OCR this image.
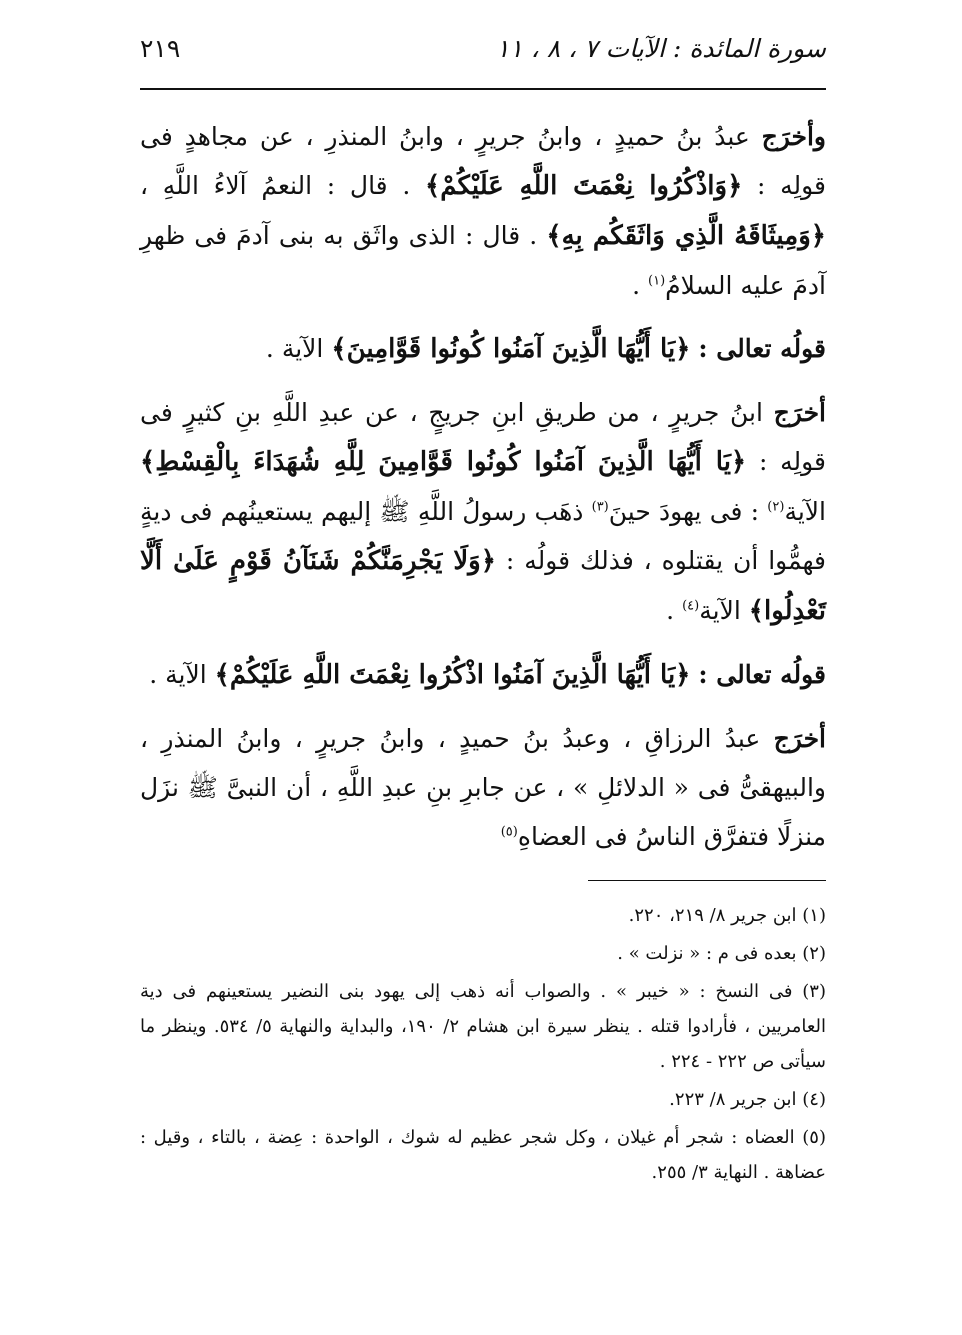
سورة المائدة : الآيات ٧ ، ٨ ، ١١
٢١٩

وأخرَج عبدُ بنُ حميدٍ ، وابنُ جريرٍ ، وابنُ المنذرِ ، عن مجاهدٍ فى قولِه : ﴿وَاذْكُرُوا نِعْمَتَ اللَّهِ عَلَيْكُمْ﴾ . قال : النعمُ آلاءُ اللَّهِ ، ﴿وَمِيثَاقَهُ الَّذِي وَاثَقَكُم بِهِ﴾ . قال : الذى واثَق به بنى آدمَ فى ظهرِ آدمَ عليه السلامُ$^{(١)}$ .

قولُه تعالى : ﴿يَا أَيُّهَا الَّذِينَ آمَنُوا كُونُوا قَوَّامِينَ﴾ الآية .

أخرَج ابنُ جريرٍ ، من طريقِ ابنِ جريجٍ ، عن عبدِ اللَّهِ بنِ كثيرٍ فى قولِه : ﴿يَا أَيُّهَا الَّذِينَ آمَنُوا كُونُوا قَوَّامِينَ لِلَّهِ شُهَدَاءَ بِالْقِسْطِ﴾ الآية$^{(٢)}$ : فى يهودَ حينَ$^{(٣)}$ ذهَب رسولُ اللَّهِ ﷺ إليهم يستعينُهم فى ديةٍ فهمُّوا أن يقتلوه ، فذلك قولُه : ﴿وَلَا يَجْرِمَنَّكُمْ شَنَآنُ قَوْمٍ عَلَىٰ أَلَّا تَعْدِلُوا﴾ الآية$^{(٤)}$ .

قولُه تعالى : ﴿يَا أَيُّهَا الَّذِينَ آمَنُوا اذْكُرُوا نِعْمَتَ اللَّهِ عَلَيْكُمْ﴾ الآية .

أخرَج عبدُ الرزاقِ ، وعبدُ بنُ حميدٍ ، وابنُ جريرٍ ، وابنُ المنذرِ ، والبيهقىُّ فى « الدلائلِ » ، عن جابرِ بنِ عبدِ اللَّهِ ، أن النبىَّ ﷺ نزَل منزلًا فتفرَّق الناسُ فى العضاهِ$^{(٥)}$

(١) ابن جرير ٨/ ٢١٩، ٢٢٠.

(٢) بعده فى م : « نزلت » .

(٣) فى النسخ : « خيبر » . والصواب أنه ذهب إلى يهود بنى النضير يستعينهم فى دية العامريين ، فأرادوا قتله . ينظر سيرة ابن هشام ٢/ ١٩٠، والبداية والنهاية ٥/ ٥٣٤. وينظر ما سيأتى ص ٢٢٢ - ٢٢٤ .

(٤) ابن جرير ٨/ ٢٢٣.

(٥) العضاه : شجر أم غيلان ، وكل شجر عظيم له شوك ، الواحدة : عِضة ، بالتاء ، وقيل : عضاهة . النهاية ٣/ ٢٥٥.
